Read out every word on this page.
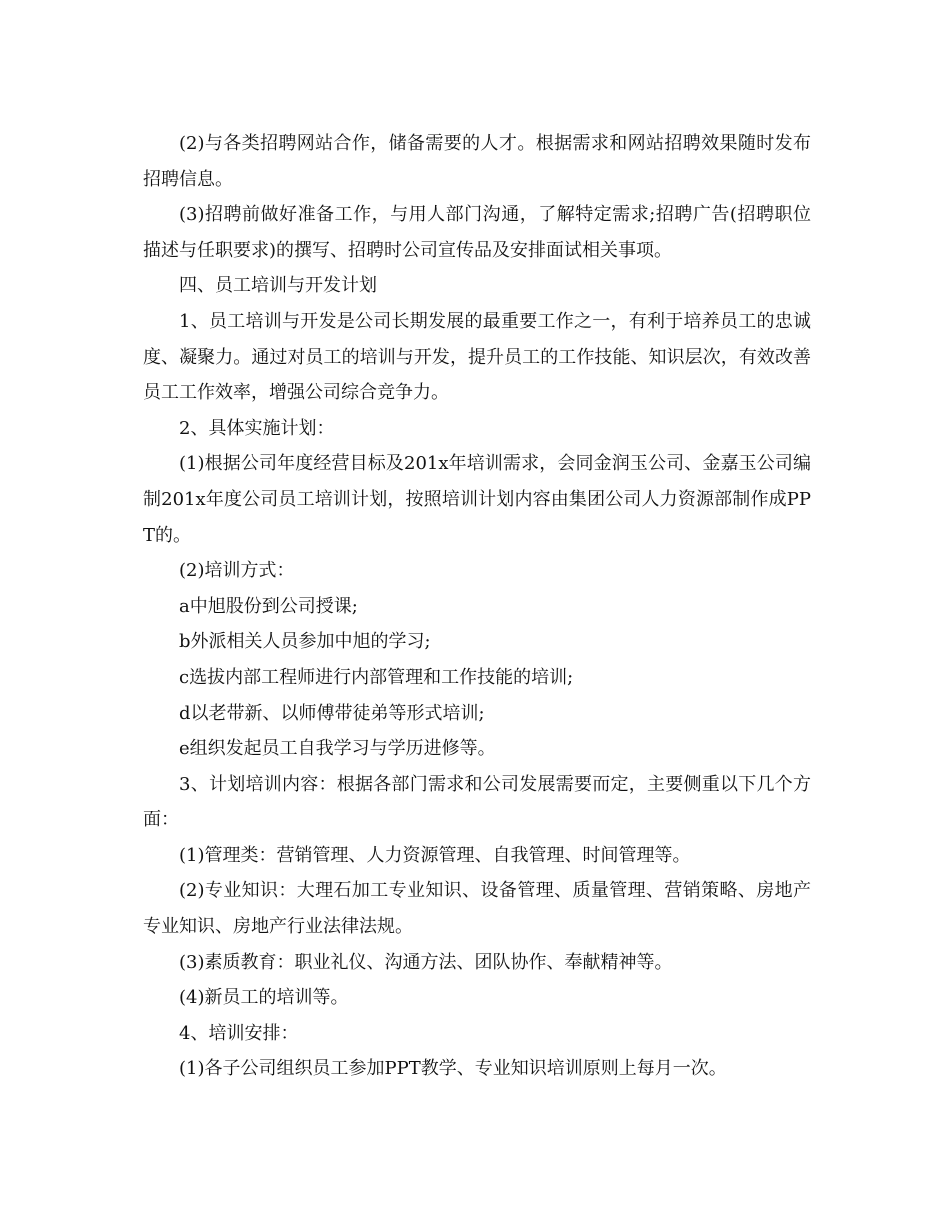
(2)与各类招聘网站合作，储备需要的人才。根据需求和网站招聘效果随时发布招聘信息。

(3)招聘前做好准备工作，与用人部门沟通，了解特定需求;招聘广告(招聘职位描述与任职要求)的撰写、招聘时公司宣传品及安排面试相关事项。

四、员工培训与开发计划

1、员工培训与开发是公司长期发展的最重要工作之一，有利于培养员工的忠诚度、凝聚力。通过对员工的培训与开发，提升员工的工作技能、知识层次，有效改善员工工作效率，增强公司综合竞争力。

2、具体实施计划：

(1)根据公司年度经营目标及201x年培训需求，会同金润玉公司、金嘉玉公司编制201x年度公司员工培训计划，按照培训计划内容由集团公司人力资源部制作成PPT的。

(2)培训方式：

a中旭股份到公司授课;

b外派相关人员参加中旭的学习;

c选拔内部工程师进行内部管理和工作技能的培训;

d以老带新、以师傅带徒弟等形式培训;

e组织发起员工自我学习与学历进修等。

3、计划培训内容：根据各部门需求和公司发展需要而定，主要侧重以下几个方面：

(1)管理类：营销管理、人力资源管理、自我管理、时间管理等。

(2)专业知识：大理石加工专业知识、设备管理、质量管理、营销策略、房地产专业知识、房地产行业法律法规。

(3)素质教育：职业礼仪、沟通方法、团队协作、奉献精神等。

(4)新员工的培训等。

4、培训安排：

(1)各子公司组织员工参加PPT教学、专业知识培训原则上每月一次。
